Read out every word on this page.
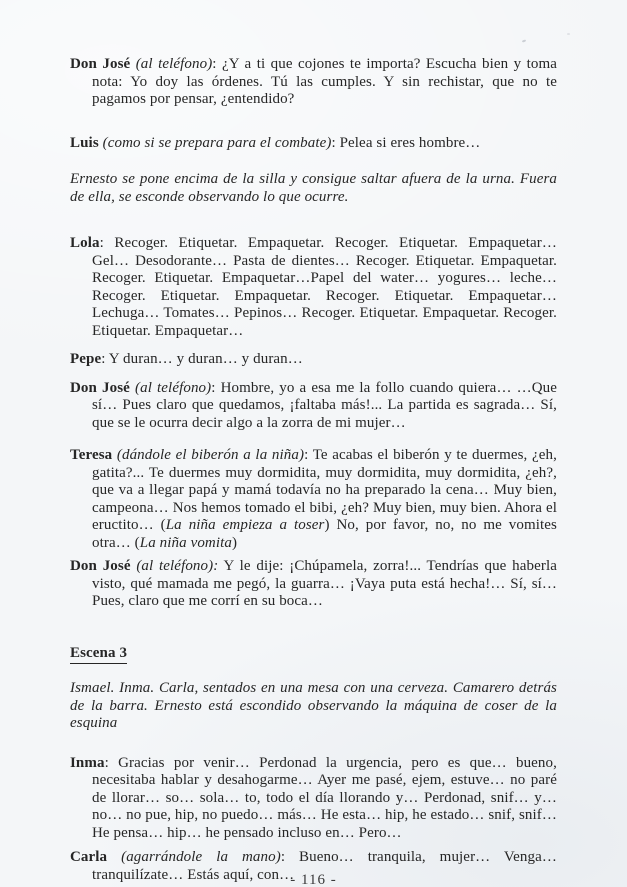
Don José (al teléfono): ¿Y a ti que cojones te importa? Escucha bien y toma nota: Yo doy las órdenes. Tú las cumples. Y sin rechistar, que no te pagamos por pensar, ¿entendido?

Luis (como si se prepara para el combate): Pelea si eres hombre…

Ernesto se pone encima de la silla y consigue saltar afuera de la urna. Fuera de ella, se esconde observando lo que ocurre.

Lola: Recoger. Etiquetar. Empaquetar. Recoger. Etiquetar. Empaquetar… Gel… Desodorante… Pasta de dientes… Recoger. Etiquetar. Empaquetar. Recoger. Etiquetar. Empaquetar…Papel del water… yogures… leche… Recoger. Etiquetar. Empaquetar. Recoger. Etiquetar. Empaquetar… Lechuga… Tomates… Pepinos… Recoger. Etiquetar. Empaquetar. Recoger. Etiquetar. Empaquetar…

Pepe: Y duran… y duran… y duran…

Don José (al teléfono): Hombre, yo a esa me la follo cuando quiera… …Que sí… Pues claro que quedamos, ¡faltaba más!... La partida es sagrada… Sí, que se le ocurra decir algo a la zorra de mi mujer…

Teresa (dándole el biberón a la niña): Te acabas el biberón y te duermes, ¿eh, gatita?... Te duermes muy dormidita, muy dormidita, muy dormidita, ¿eh?, que va a llegar papá y mamá todavía no ha preparado la cena… Muy bien, campeona… Nos hemos tomado el bibi, ¿eh? Muy bien, muy bien. Ahora el eructito… (La niña empieza a toser) No, por favor, no, no me vomites otra… (La niña vomita)

Don José (al teléfono): Y le dije: ¡Chúpamela, zorra!... Tendrías que haberla visto, qué mamada me pegó, la guarra… ¡Vaya puta está hecha!… Sí, sí… Pues, claro que me corrí en su boca…

Escena 3

Ismael. Inma. Carla, sentados en una mesa con una cerveza. Camarero detrás de la barra. Ernesto está escondido observando la máquina de coser de la esquina

Inma: Gracias por venir… Perdonad la urgencia, pero es que… bueno, necesitaba hablar y desahogarme… Ayer me pasé, ejem, estuve… no paré de llorar… so… sola… to, todo el día llorando y… Perdonad, snif… y… no… no pue, hip, no puedo… más… He esta… hip, he estado… snif, snif… He pensa… hip… he pensado incluso en… Pero…

Carla (agarrándole la mano): Bueno… tranquila, mujer… Venga… tranquilízate… Estás aquí, con…

- 116 -
